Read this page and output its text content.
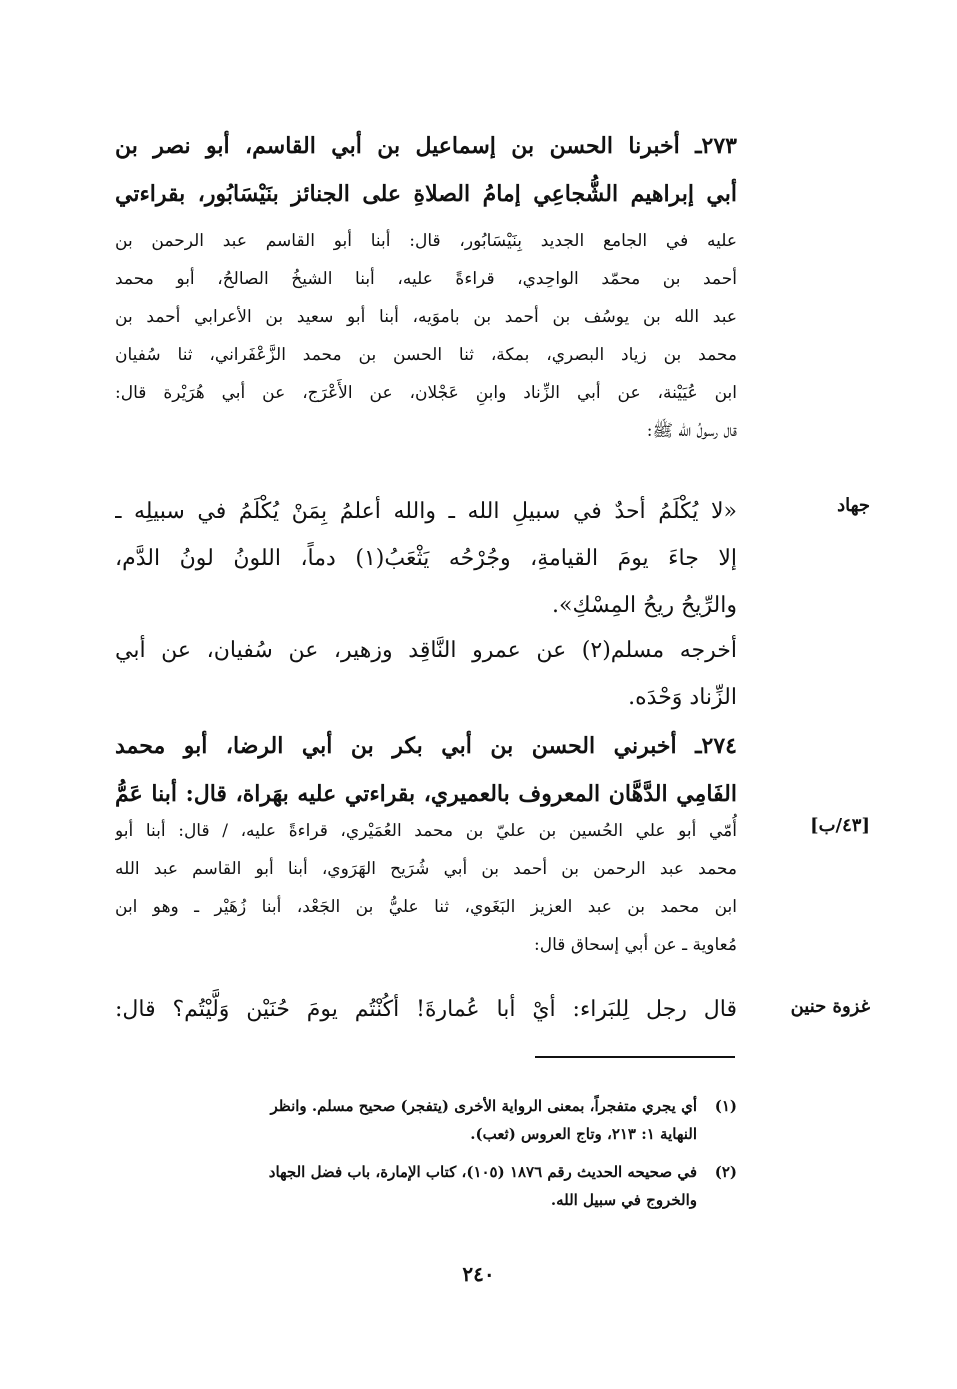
٢٧٣ـ أخبرنا الحسن بن إسماعيل بن أبي القاسم، أبو نصر بن
أبي إبراهيم الشُّجاعِي إمامُ الصلاةِ على الجنائز بنَيْسَابُور، بقراءتي
عليه في الجامع الجديد بِنَيْسَابُور، قال: أبنا أبو القاسم عبد الرحمن بن
أحمد بن محمّد الواحِدي، قراءةً عليه، أبنا الشيخُ الصالحُ، أبو محمد
عبد الله بن يوسُف بن أحمد بن باموَيه، أبنا أبو سعيد بن الأعرابي أحمد بن
محمد بن زياد البصري، بمكة، ثنا الحسن بن محمد الزَّعْفَراني، ثنا سُفيان
ابن عُيَيْنة، عن أبي الزِّناد وابنِ عَجْلان، عن الأَعْرَج، عن أبي هُرَيْرة قال:
قال رسولُ الله ﷺ:
«لا يُكْلَمُ أحدٌ في سبيلِ الله ـ والله أعلمُ بِمَنْ يُكْلَمُ في سبيلِه ـ
إلا جاءَ يومَ القيامةِ، وجُرْحُه يَثْعَبُ(١) دماً، اللونُ لونُ الدَّم،
والرِّيحُ ريحُ المِسْكِ».
أخرجه مسلم(٢) عن عمرو النَّاقِد وزهير، عن سُفيان، عن أبي
الزِّناد وَحْدَه.
٢٧٤ـ أخبرني الحسن بن أبي بكر بن أبي الرضا، أبو محمد
الفَامِي الدَّهَّان المعروف بالعميري، بقراءتي عليه بهَراة، قال: أبنا عَمُّ
أُمّي أبو علي الحُسين بن عليّ بن محمد العُمَيْري، قراءةً عليه، / قال: أبنا أبو
محمد عبد الرحمن بن أحمد بن أبي شُرَيح الهَرَوي، أبنا أبو القاسم عبد الله
ابن محمد بن عبد العزيز البَغَوي، ثنا عليُّ بن الجَعْد، أبنا زُهَيْر ـ وهو ابن
مُعاوية ـ عن أبي إسحاق قال:
قال رجل لِلبَراء: أيْ أبا عُمارةَ! أكُنْتُم يومَ حُنَيْن وَلَّيْتُم؟ قال:
جهاد
[٤٣/ب]
غزوة حنين
(١)أي يجري متفجراً، بمعنى الرواية الأخرى (يتفجر) صحيح مسلم. وانظر
النهاية ١: ٢١٣، وتاج العروس (ثعب).
(٢)في صحيحه الحديث رقم ١٨٧٦ (١٠٥)، كتاب الإمارة، باب فضل الجهاد
والخروج في سبيل الله.
٢٤٠
